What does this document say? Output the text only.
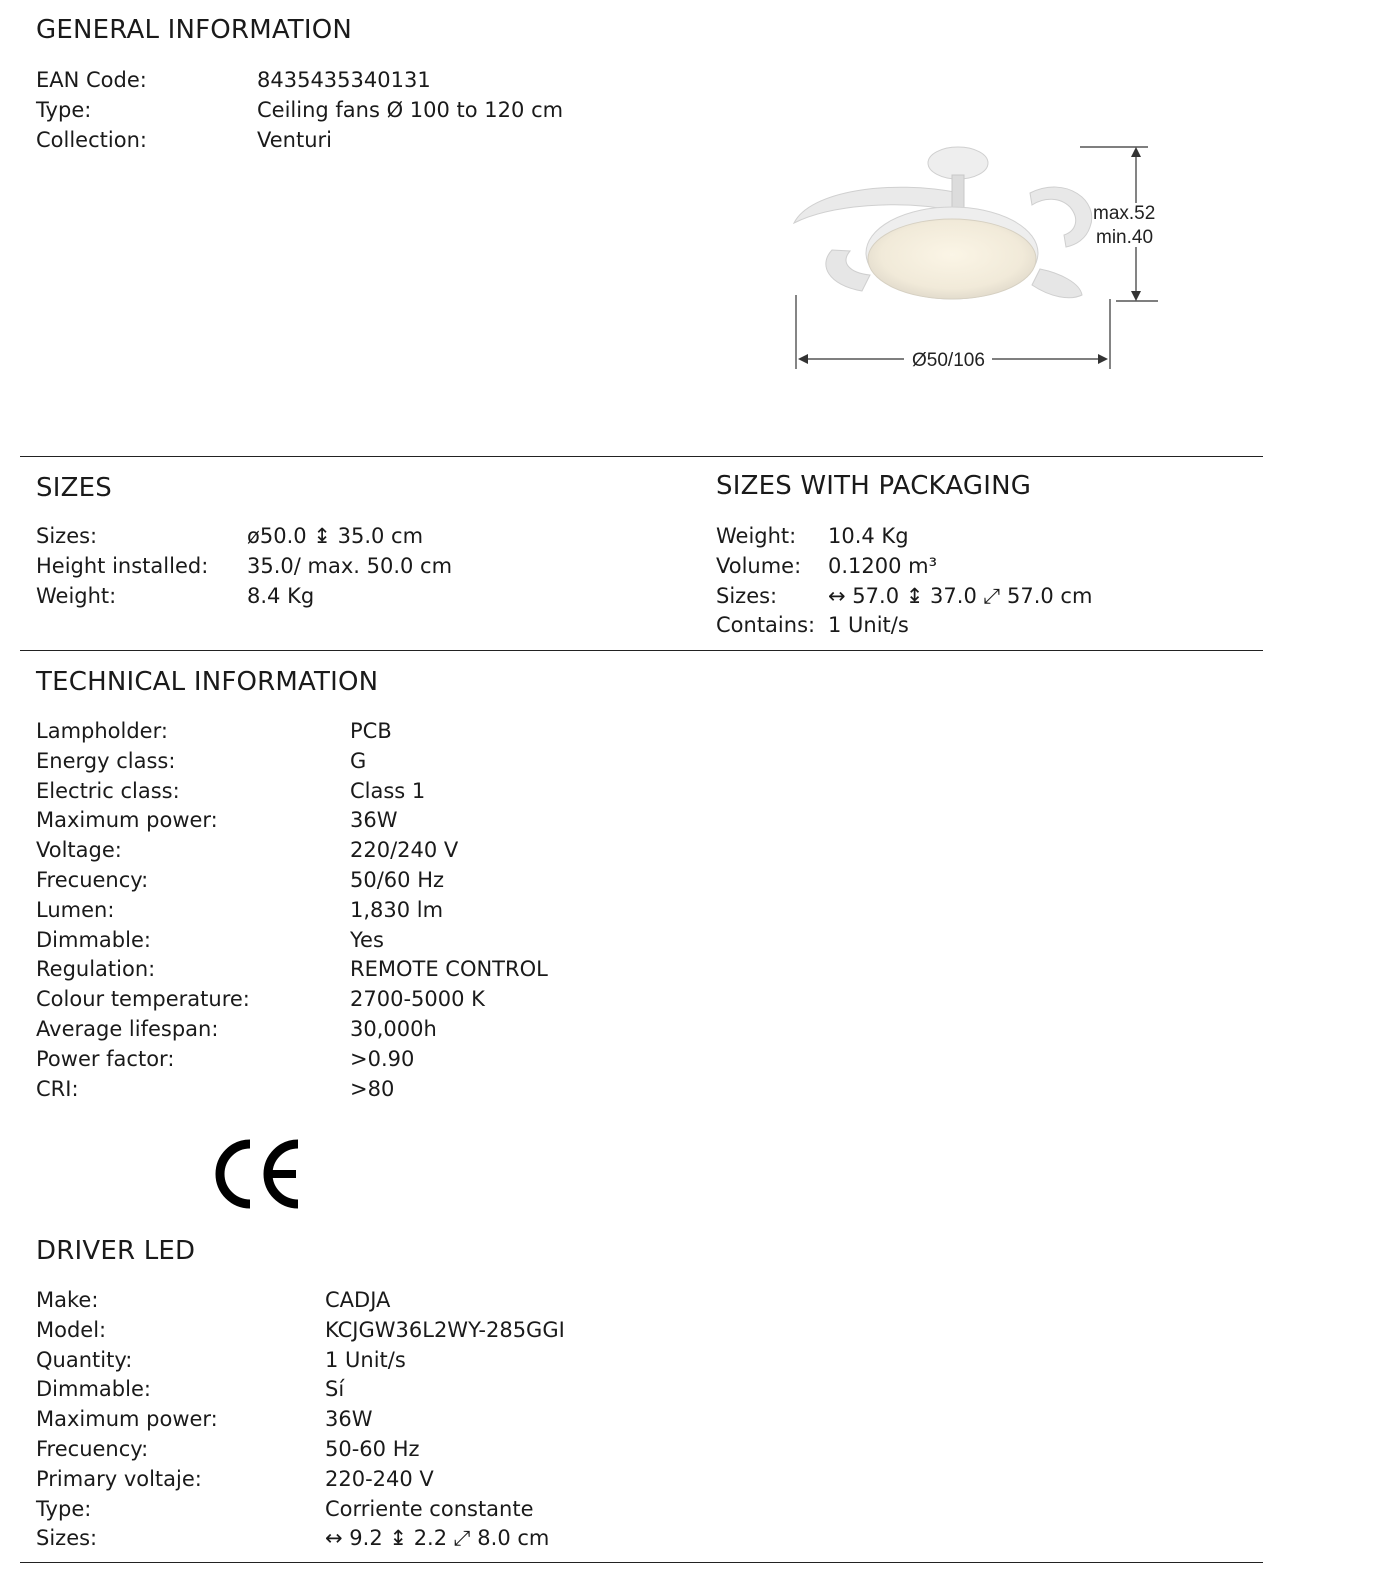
GENERAL INFORMATION
EAN Code:	8435435340131
Type:	Ceiling fans Ø 100 to 120 cm
Collection:	Venturi
max.52
min.40
Ø50/106
SIZES
Sizes:	ø50.0 ↨ 35.0 cm
Height installed: 35.0/ max. 50.0 cm
Weight:	8.4 Kg
SIZES WITH PACKAGING
Weight: 10.4 Kg
Volume: 0.1200 m³
Sizes: ↔ 57.0 ↨ 37.0 ⤢ 57.0 cm
Contains: 1 Unit/s
TECHNICAL INFORMATION
Lampholder:	PCB
Energy class:	G
Electric class:	Class 1
Maximum power:	36W
Voltage:	220/240 V
Frecuency:	50/60 Hz
Lumen:	1,830 lm
Dimmable:	Yes
Regulation:	REMOTE CONTROL
Colour temperature:	2700-5000 K
Average lifespan:	30,000h
Power factor:	>0.90
CRI:	>80
DRIVER LED
Make:	CADJA
Model:	KCJGW36L2WY-285GGI
Quantity:	1 Unit/s
Dimmable:	Sí
Maximum power:	36W
Frecuency:	50-60 Hz
Primary voltaje:	220-240 V
Type:	Corriente constante
Sizes:	↔ 9.2 ↨ 2.2 ⤢ 8.0 cm
